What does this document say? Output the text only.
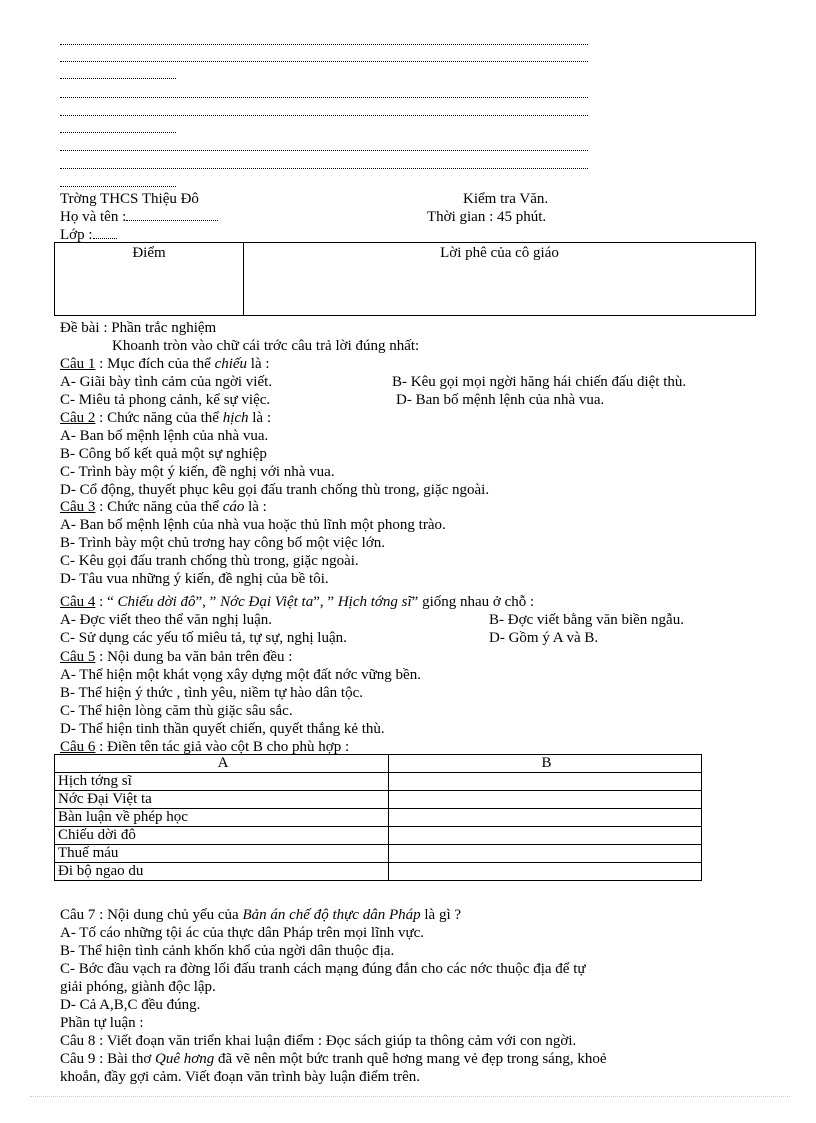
Trờng THCS Thiệu Đô	Kiểm tra Văn.
Họ và tên :	Thời gian : 45 phút.
Lớp :
Điểm	Lời phê của cô giáo
Đề bài : Phần trắc nghiệm
Khoanh tròn vào chữ cái trớc câu trả lời đúng nhất:
Câu 1 : Mục đích của thể chiếu là :
A- Giãi bày tình cảm của ngời viết.	B- Kêu gọi mọi ngời hăng hái chiến đấu diệt thù.
C- Miêu tả phong cảnh, kể sự việc.	D- Ban bố mệnh lệnh của nhà vua.
Câu 2 : Chức năng của thể hịch là :
A- Ban bố mệnh lệnh của nhà vua.
B- Công bố kết quả một sự nghiệp
C- Trình bày một ý kiến, đề nghị với nhà vua.
D- Cổ động, thuyết phục kêu gọi đấu tranh chống thù trong, giặc ngoài.
Câu 3 : Chức năng của thể cáo là :
A- Ban bố mệnh lệnh của nhà vua hoặc thủ lĩnh một phong trào.
B- Trình bày một chủ trơng hay công bố một việc lớn.
C- Kêu gọi đấu tranh chống thù trong, giặc ngoài.
D- Tâu vua những ý kiến, đề nghị của bề tôi.
Câu 4 : “ Chiếu dời đô”, ” Nớc Đại Việt ta”, ” Hịch tớng sĩ” giống nhau ở chỗ :
A- Đợc viết theo thể văn nghị luận.	B- Đợc viết bằng văn biền ngẫu.
C- Sử dụng các yếu tố miêu tả, tự sự, nghị luận.	D- Gồm ý A và B.
Câu 5 : Nội dung ba văn bản trên đều :
A- Thể hiện một khát vọng xây dựng một đất nớc vững bền.
B- Thể hiện ý thức , tình yêu, niềm tự hào dân tộc.
C- Thể hiện lòng căm thù giặc sâu sắc.
D- Thể hiện tinh thần quyết chiến, quyết thắng kẻ thù.
Câu 6 : Điền tên tác giả vào cột B cho phù hợp :
A	B
Hịch tớng sĩ	
Nớc Đại Việt ta	
Bàn luận về phép học	
Chiếu dời đô	
Thuế máu	
Đi bộ ngao du	
Câu 7 : Nội dung chủ yếu của Bản án chế độ thực dân Pháp là gì ?
A- Tố cáo những tội ác của thực dân Pháp trên mọi lĩnh vực.
B- Thể hiện tình cảnh khốn khổ của ngời dân thuộc địa.
C- Bớc đầu vạch ra đờng lối đấu tranh cách mạng đúng đắn cho các nớc thuộc địa để tự
giải phóng, giành độc lập.
D- Cả A,B,C đều đúng.
Phần tự luận :
Câu 8 : Viết đoạn văn triển khai luận điểm : Đọc sách giúp ta thông cảm với con ngời.
Câu 9 : Bài thơ Quê hơng đã vẽ nên một bức tranh quê hơng mang vẻ đẹp trong sáng, khoẻ
khoắn, đầy gợi cảm. Viết đoạn văn trình bày luận điểm trên.
